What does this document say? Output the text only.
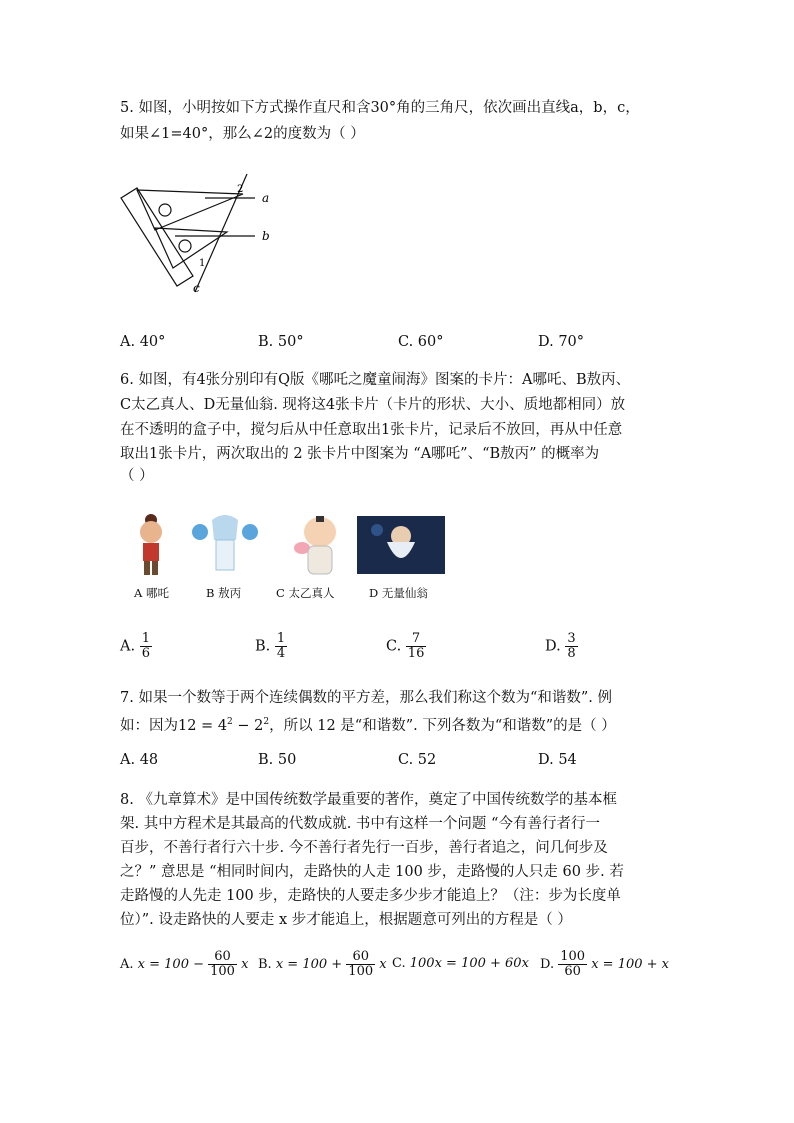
5. 如图，小明按如下方式操作直尺和含30°角的三角尺，依次画出直线a，b，c，
如果∠1=40°，那么∠2的度数为（ ）
a
b
c
1
2
A. 40°	B. 50°	C. 60°	D. 70°
6. 如图，有4张分别印有Q版《哪吒之魔童闹海》图案的卡片：A哪吒、B敖丙、
C太乙真人、D无量仙翁. 现将这4张卡片（卡片的形状、大小、质地都相同）放
在不透明的盒子中，搅匀后从中任意取出1张卡片，记录后不放回，再从中任意
取出1张卡片，两次取出的 2 张卡片中图案为 “A哪吒”、“B敖丙” 的概率为
（ ）
A 哪吒	B 敖丙	C 太乙真人	D 无量仙翁
A. $\frac{1}{6}$	B. $\frac{1}{4}$	C. $\frac{7}{16}$	D. $\frac{3}{8}$
7. 如果一个数等于两个连续偶数的平方差，那么我们称这个数为“和谐数”. 例
如：因为$12 = 4^2 - 2^2$，所以 12 是“和谐数”. 下列各数为“和谐数”的是（ ）
A. 48	B. 50	C. 52	D. 54
8. 《九章算术》是中国传统数学最重要的著作，奠定了中国传统数学的基本框
架. 其中方程术是其最高的代数成就. 书中有这样一个问题 “今有善行者行一
百步，不善行者行六十步. 今不善行者先行一百步，善行者追之，问几何步及
之？” 意思是 “相同时间内，走路快的人走 100 步，走路慢的人只走 60 步. 若
走路慢的人先走 100 步，走路快的人要走多少步才能追上？（注：步为长度单
位）”. 设走路快的人要走 x 步才能追上，根据题意可列出的方程是（ ）
A. $x = 100 - \frac{60}{100}$ x B. $x = 100 + \frac{60}{100}$ x C. 100x = 100 + 60x D. $\frac{100}{60}$ x = 100 + x
